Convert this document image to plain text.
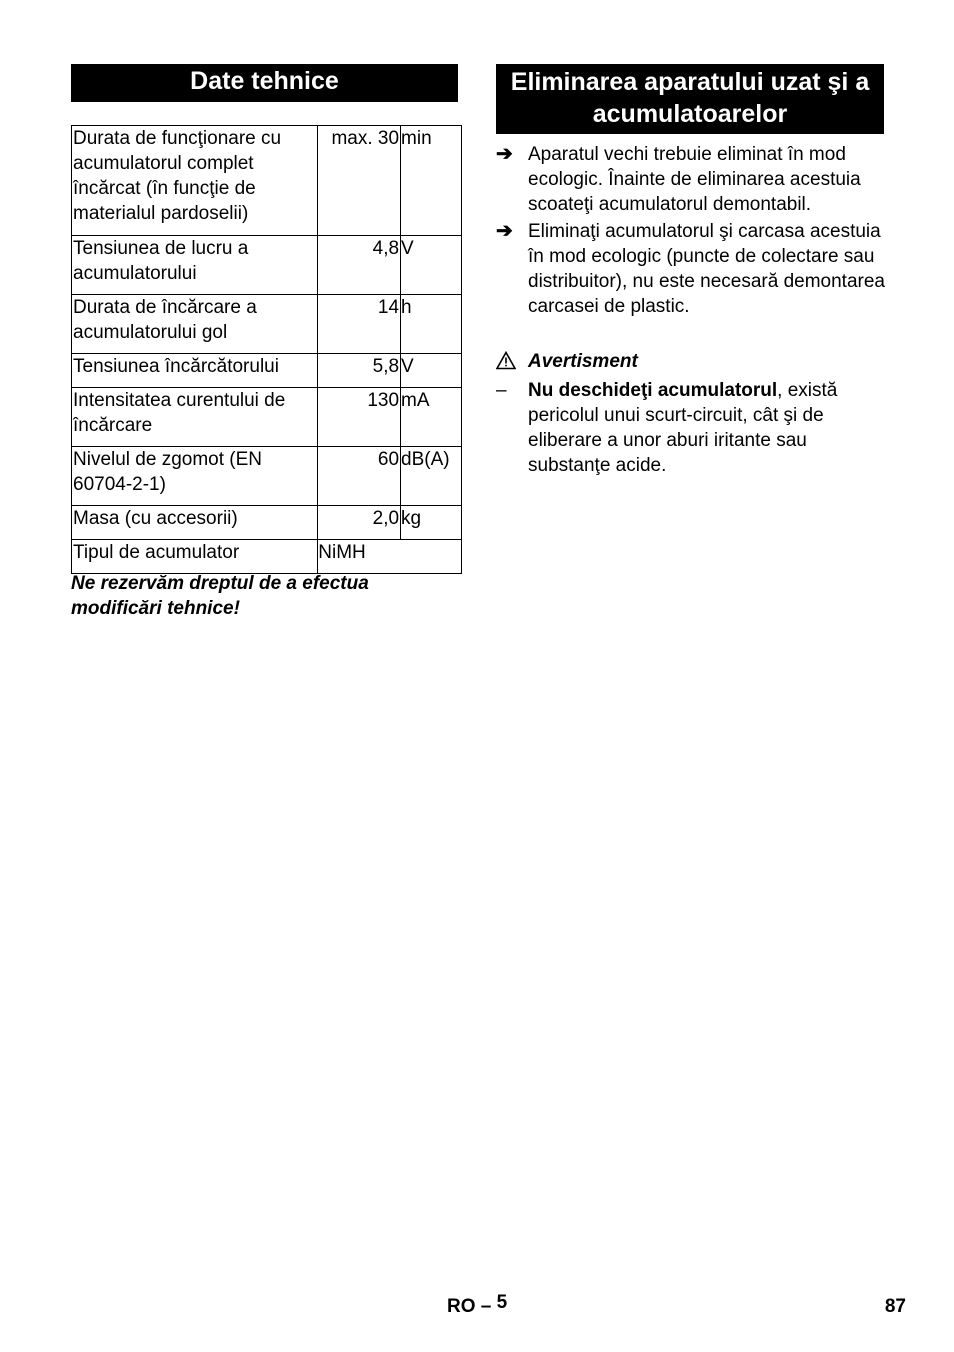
Date tehnice
Durata de funcţionare cu acumulatorul complet încărcat (în funcţie de materialul pardoselii)	max. 30	min
Tensiunea de lucru a acumulatorului	4,8	V
Durata de încărcare a acumulatorului gol	14	h
Tensiunea încărcătorului	5,8	V
Intensitatea curentului de încărcare	130	mA
Nivelul de zgomot (EN 60704-2-1)	60	dB(A)
Masa (cu accesorii)	2,0	kg
Tipul de acumulator	NiMH	
Ne rezervăm dreptul de a efectua modificări tehnice!
Eliminarea aparatului uzat şi a acumulatoarelor
➔ Aparatul vechi trebuie eliminat în mod ecologic. Înainte de eliminarea acestuia scoateţi acumulatorul demontabil.
➔ Eliminaţi acumulatorul şi carcasa acestuia în mod ecologic (puncte de colectare sau distribuitor), nu este necesară demontarea carcasei de plastic.
Avertisment
–	Nu deschideţi acumulatorul, există pericolul unui scurt-circuit, cât şi de eliberare a unor aburi iritante sau substanţe acide.
RO – $^5$	87
